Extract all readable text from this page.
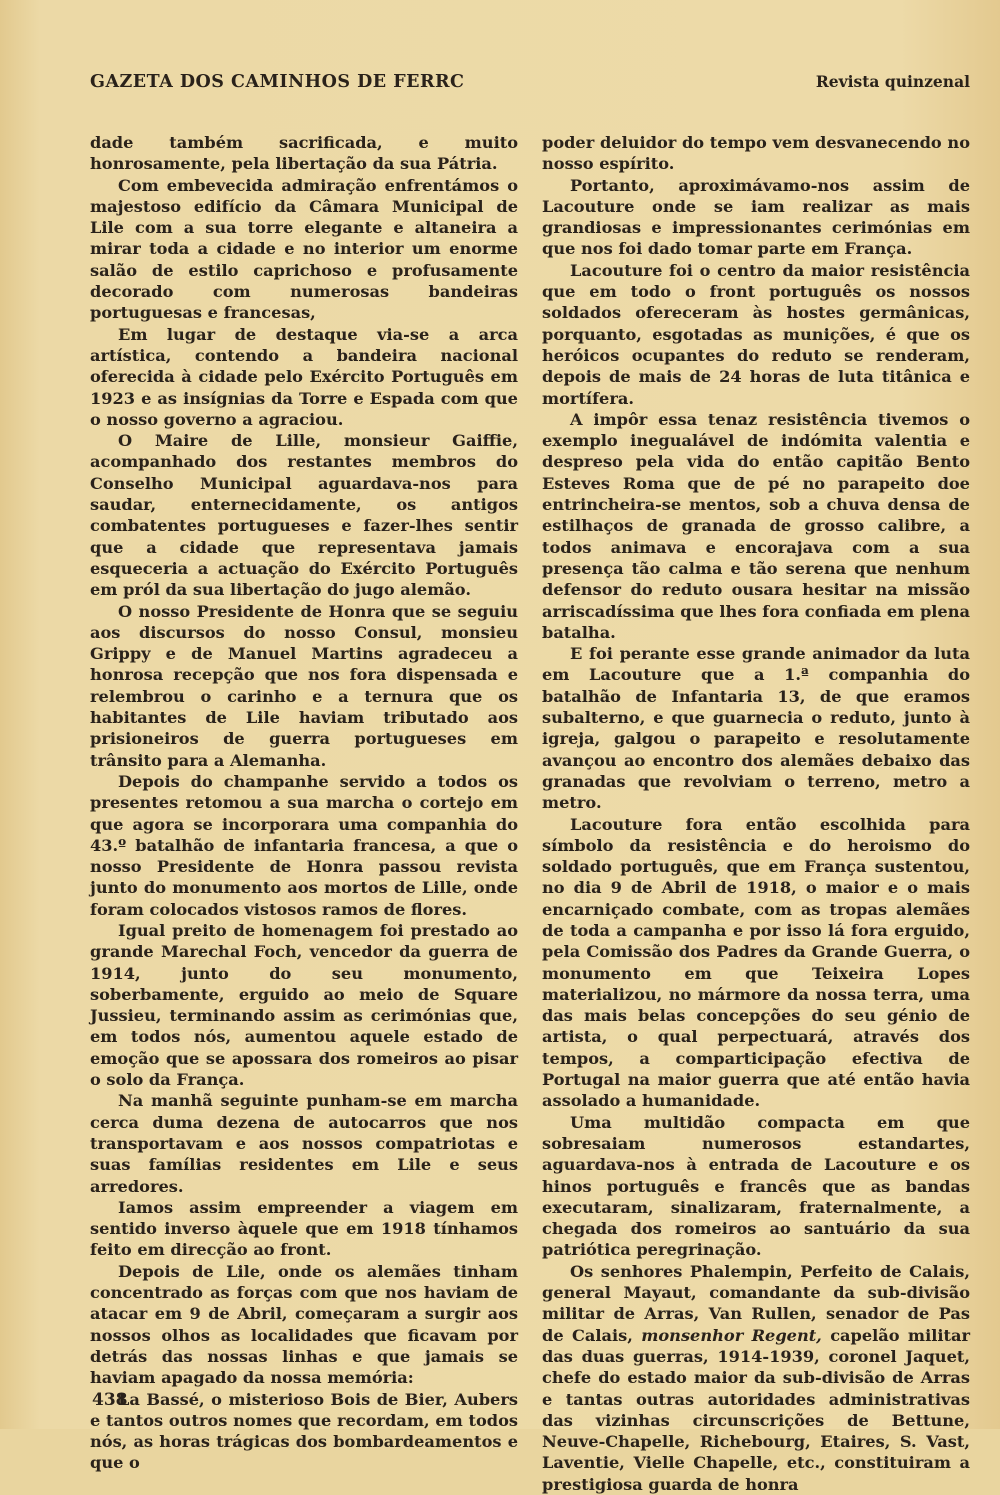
GAZETA DOS CAMINHOS DE FERRC	Revista quinzenal

dade também sacrificada, e muito honrosamente, pela libertação da sua Pátria.

Com embevecida admiração enfrentámos o majestoso edifício da Câmara Municipal de Lile com a sua torre elegante e altaneira a mirar toda a cidade e no interior um enorme salão de estilo caprichoso e profusamente decorado com numerosas bandeiras portuguesas e francesas,

Em lugar de destaque via-se a arca artística, contendo a bandeira nacional oferecida à cidade pelo Exército Português em 1923 e as insígnias da Torre e Espada com que o nosso governo a agraciou.

O Maire de Lille, monsieur Gaiffie, acompanhado dos restantes membros do Conselho Municipal aguardava-nos para saudar, enternecidamente, os antigos combatentes portugueses e fazer-lhes sentir que a cidade que representava jamais esqueceria a actuação do Exército Português em pról da sua libertação do jugo alemão.

O nosso Presidente de Honra que se seguiu aos discursos do nosso Consul, monsieu Grippy e de Manuel Martins agradeceu a honrosa recepção que nos fora dispensada e relembrou o carinho e a ternura que os habitantes de Lile haviam tributado aos prisioneiros de guerra portugueses em trânsito para a Alemanha.

Depois do champanhe servido a todos os presentes retomou a sua marcha o cortejo em que agora se incorporara uma companhia do 43.º batalhão de infantaria francesa, a que o nosso Presidente de Honra passou revista junto do monumento aos mortos de Lille, onde foram colocados vistosos ramos de flores.

Igual preito de homenagem foi prestado ao grande Marechal Foch, vencedor da guerra de 1914, junto do seu monumento, soberbamente, erguido ao meio de Square Jussieu, terminando assim as cerimónias que, em todos nós, aumentou aquele estado de emoção que se apossara dos romeiros ao pisar o solo da França.

Na manhã seguinte punham-se em marcha cerca duma dezena de autocarros que nos transportavam e aos nossos compatriotas e suas famílias residentes em Lile e seus arredores.

Iamos assim empreender a viagem em sentido inverso àquele que em 1918 tínhamos feito em direcção ao front.

Depois de Lile, onde os alemães tinham concentrado as forças com que nos haviam de atacar em 9 de Abril, começaram a surgir aos nossos olhos as localidades que ficavam por detrás das nossas linhas e que jamais se haviam apagado da nossa memória:

La Bassé, o misterioso Bois de Bier, Aubers e tantos outros nomes que recordam, em todos nós, as horas trágicas dos bombardeamentos e que o

poder deluidor do tempo vem desvanecendo no nosso espírito.

Portanto, aproximávamo-nos assim de Lacouture onde se iam realizar as mais grandiosas e impressionantes cerimónias em que nos foi dado tomar parte em França.

Lacouture foi o centro da maior resistência que em todo o front português os nossos soldados ofereceram às hostes germânicas, porquanto, esgotadas as munições, é que os heróicos ocupantes do reduto se renderam, depois de mais de 24 horas de luta titânica e mortífera.

A impôr essa tenaz resistência tivemos o exemplo inegualável de indómita valentia e despreso pela vida do então capitão Bento Esteves Roma que de pé no parapeito doe entrincheira-se mentos, sob a chuva densa de estilhaços de granada de grosso calibre, a todos animava e encorajava com a sua presença tão calma e tão serena que nenhum defensor do reduto ousara hesitar na missão arriscadíssima que lhes fora confiada em plena batalha.

E foi perante esse grande animador da luta em Lacouture que a 1.ª companhia do batalhão de Infantaria 13, de que eramos subalterno, e que guarnecia o reduto, junto à igreja, galgou o parapeito e resolutamente avançou ao encontro dos alemães debaixo das granadas que revolviam o terreno, metro a metro.

Lacouture fora então escolhida para símbolo da resistência e do heroismo do soldado português, que em França sustentou, no dia 9 de Abril de 1918, o maior e o mais encarniçado combate, com as tropas alemães de toda a campanha e por isso lá fora erguido, pela Comissão dos Padres da Grande Guerra, o monumento em que Teixeira Lopes materializou, no mármore da nossa terra, uma das mais belas concepções do seu génio de artista, o qual perpectuará, através dos tempos, a comparticipação efectiva de Portugal na maior guerra que até então havia assolado a humanidade.

Uma multidão compacta em que sobresaiam numerosos estandartes, aguardava-nos à entrada de Lacouture e os hinos português e francês que as bandas executaram, sinalizaram, fraternalmente, a chegada dos romeiros ao santuário da sua patriótica peregrinação.

Os senhores Phalempin, Perfeito de Calais, general Mayaut, comandante da sub-divisão militar de Arras, Van Rullen, senador de Pas de Calais, monsenhor Regent, capelão militar das duas guerras, 1914-1939, coronel Jaquet, chefe do estado maior da sub-divisão de Arras e tantas outras autoridades administrativas das vizinhas circunscrições de Bettune, Neuve-Chapelle, Richebourg, Etaires, S. Vast, Laventie, Vielle Chapelle, etc., constituiram a prestigiosa guarda de honra

438
